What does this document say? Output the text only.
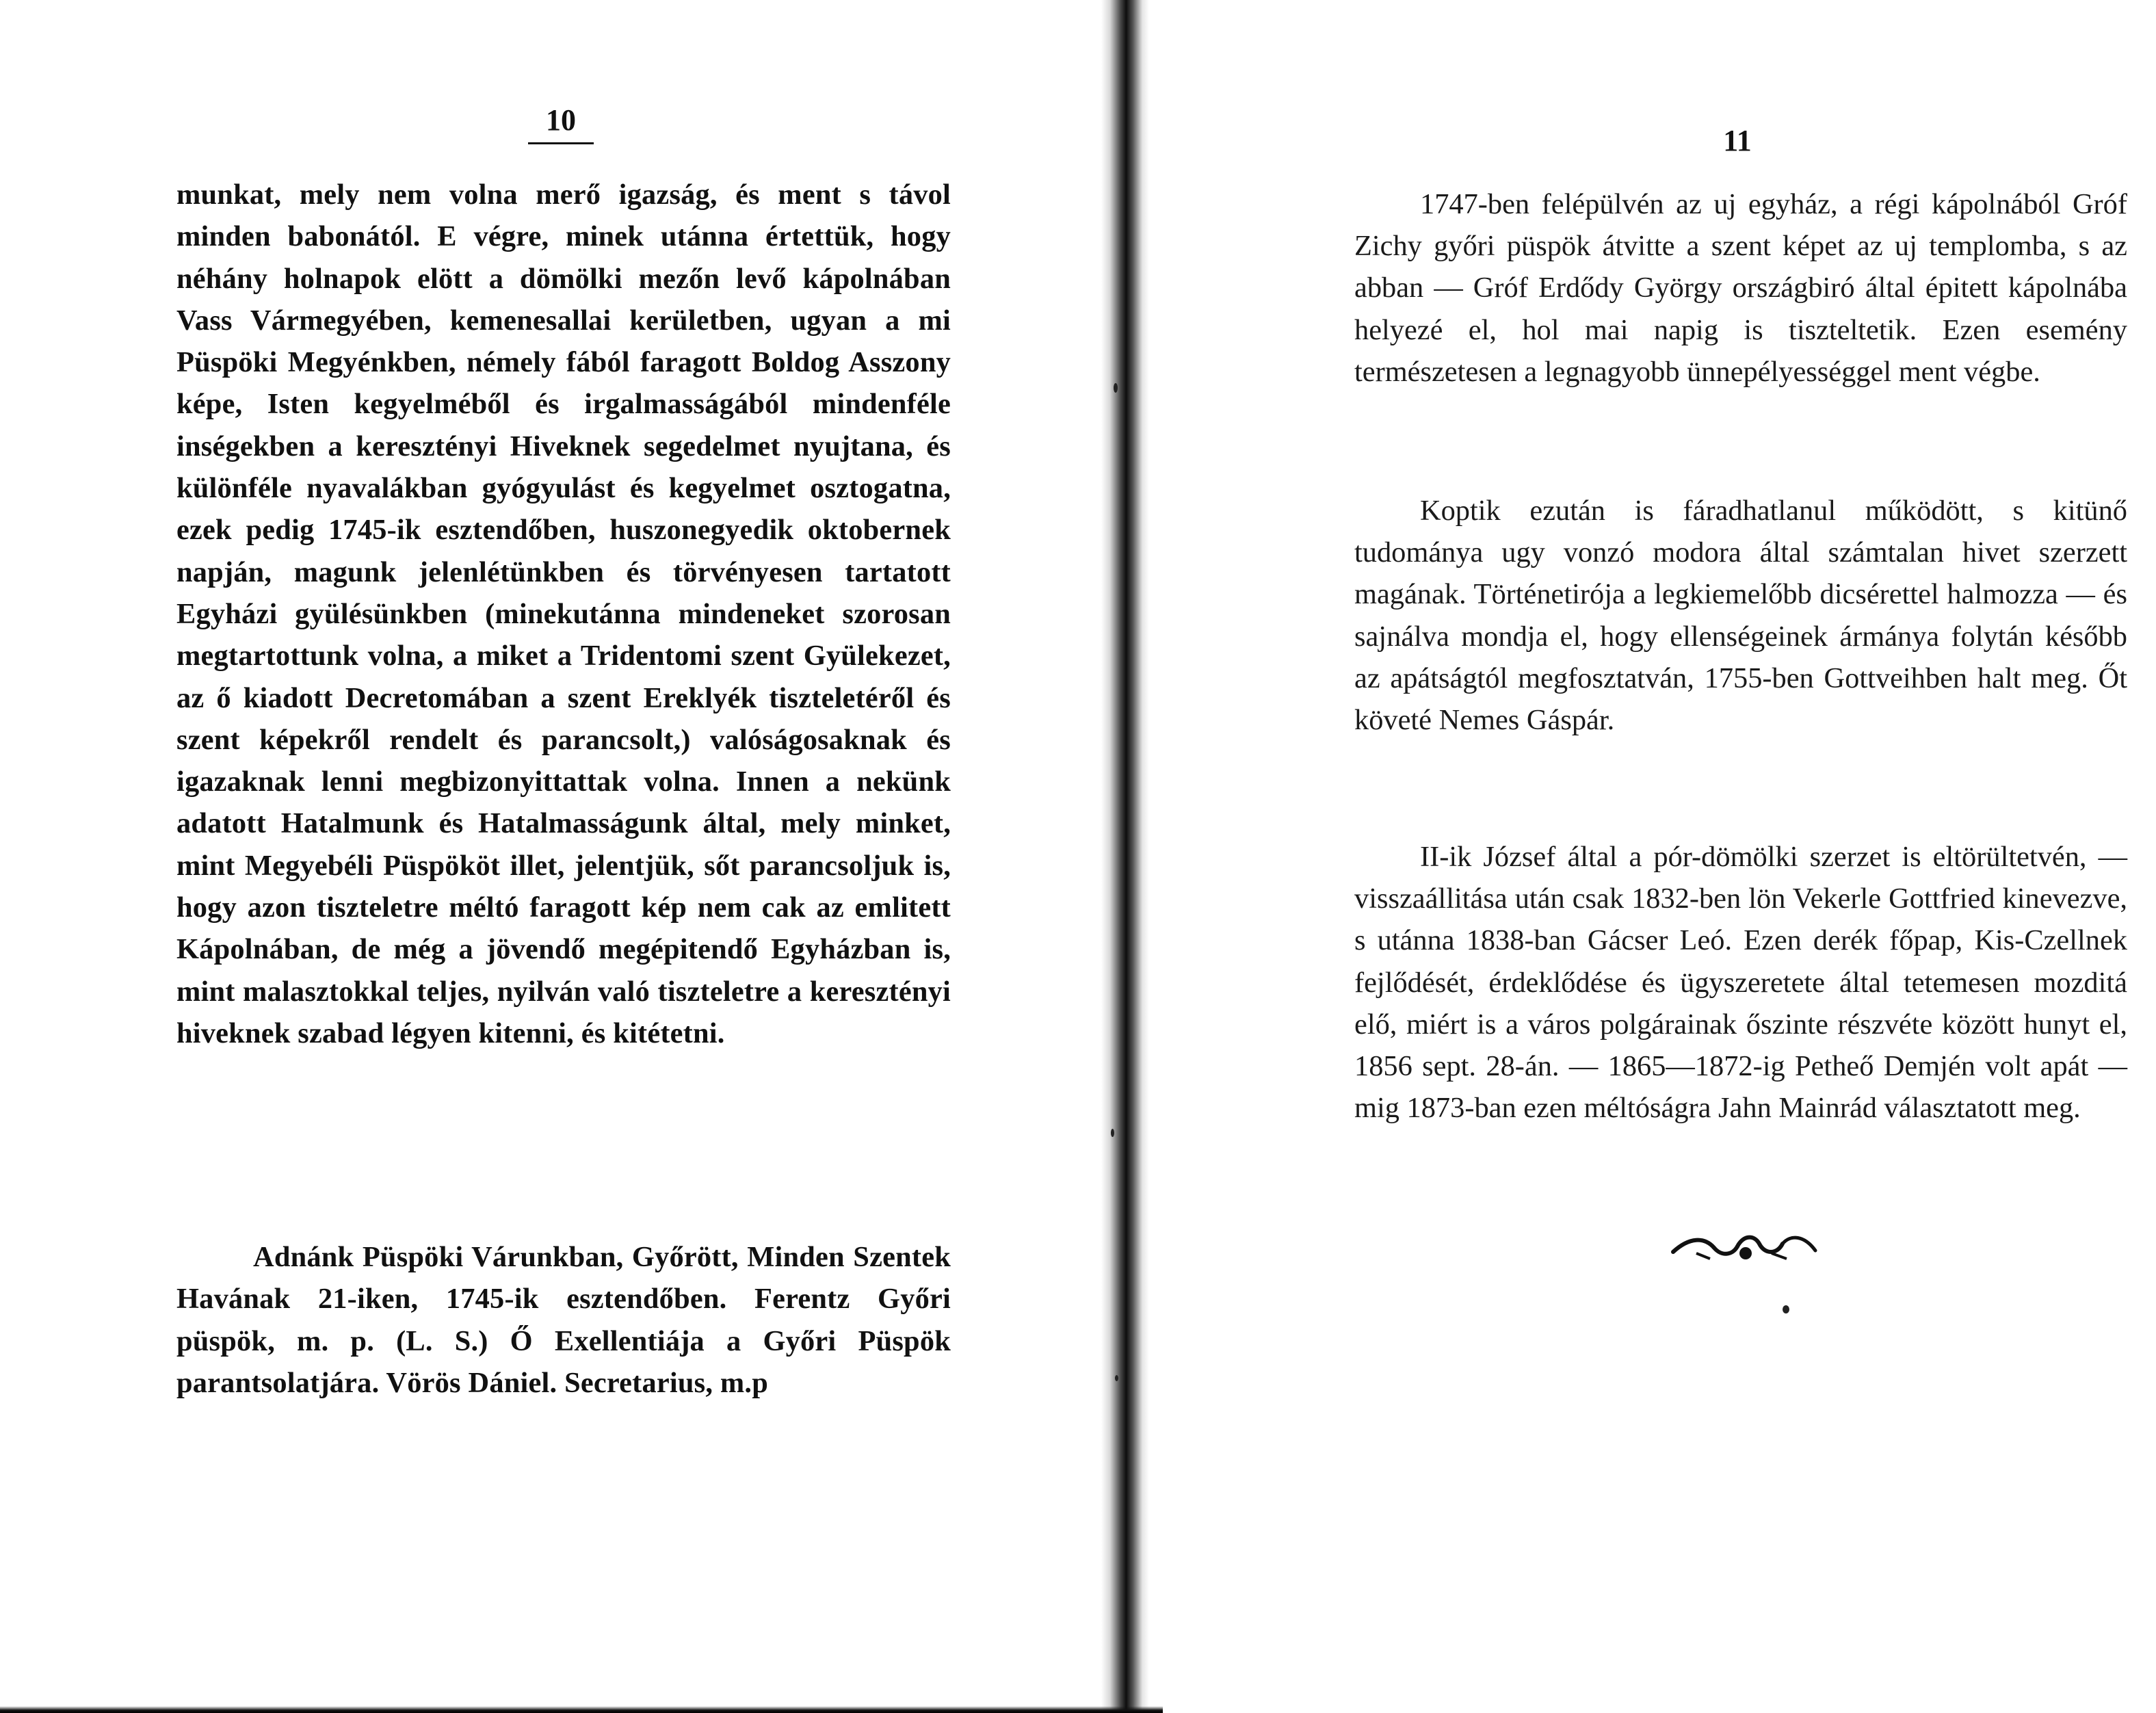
10

munkat, mely nem volna merő igazság, és ment s távol minden babonától. E végre, minek utánna értettük, hogy néhány holnapok elött a dömölki mezőn levő kápolnában Vass Vármegyében, kemenesallai kerületben, ugyan a mi Püspöki Megyénkben, némely fából faragott Boldog Asszony képe, Isten kegyelméből és irgalmasságából mindenféle inségekben a keresztényi Hiveknek segedelmet nyujtana, és különféle nyavalákban gyógyulást és kegyelmet osztogatna, ezek pedig 1745-ik esztendőben, huszonegyedik oktobernek napján, magunk jelenlétünkben és törvényesen tartatott Egyházi gyülésünkben (minekutánna mindeneket szorosan megtartottunk volna, a miket a Tridentomi szent Gyülekezet, az ő kiadott Decretomában a szent Ereklyék tiszteletéről és szent képekről rendelt és parancsolt,) valóságosaknak és igazaknak lenni megbizonyittattak volna. Innen a nekünk adatott Hatalmunk és Hatalmasságunk által, mely minket, mint Megyebéli Püspököt illet, jelentjük, sőt parancsoljuk is, hogy azon tiszteletre méltó faragott kép nem cak az emlitett Kápolnában, de még a jövendő megépitendő Egyházban is, mint malasztokkal teljes, nyilván való tiszteletre a keresztényi hiveknek szabad légyen kitenni, és kitétetni.

Adnánk Püspöki Várunkban, Győrött, Minden Szentek Havának 21-iken, 1745-ik esztendőben. Ferentz Győri püspök, m. p. (L. S.) Ő Exellentiája a Győri Püspök parantsolatjára. Vörös Dániel. Secretarius, m.p

11

1747-ben felépülvén az uj egyház, a régi kápolnából Gróf Zichy győri püspök átvitte a szent képet az uj templomba, s az abban — Gróf Erdődy György országbiró által épitett kápolnába helyezé el, hol mai napig is tiszteltetik. Ezen esemény természetesen a legnagyobb ünnepélyességgel ment végbe.

Koptik ezután is fáradhatlanul működött, s kitünő tudománya ugy vonzó modora által számtalan hivet szerzett magának. Történetirója a legkiemelőbb dicsérettel halmozza — és sajnálva mondja el, hogy ellenségeinek ármánya folytán később az apátságtól megfosztatván, 1755-ben Gottveihben halt meg. Őt követé Nemes Gáspár.

II-ik József által a pór-dömölki szerzet is eltörültetvén, — visszaállitása után csak 1832-ben lön Vekerle Gottfried kinevezve, s utánna 1838-ban Gácser Leó. Ezen derék főpap, Kis-Czellnek fejlődését, érdeklődése és ügyszeretete által tetemesen mozditá elő, miért is a város polgárainak őszinte részvéte között hunyt el, 1856 sept. 28-án. — 1865—1872-ig Petheő Demjén volt apát — mig 1873-ban ezen méltóságra Jahn Mainrád választatott meg.
